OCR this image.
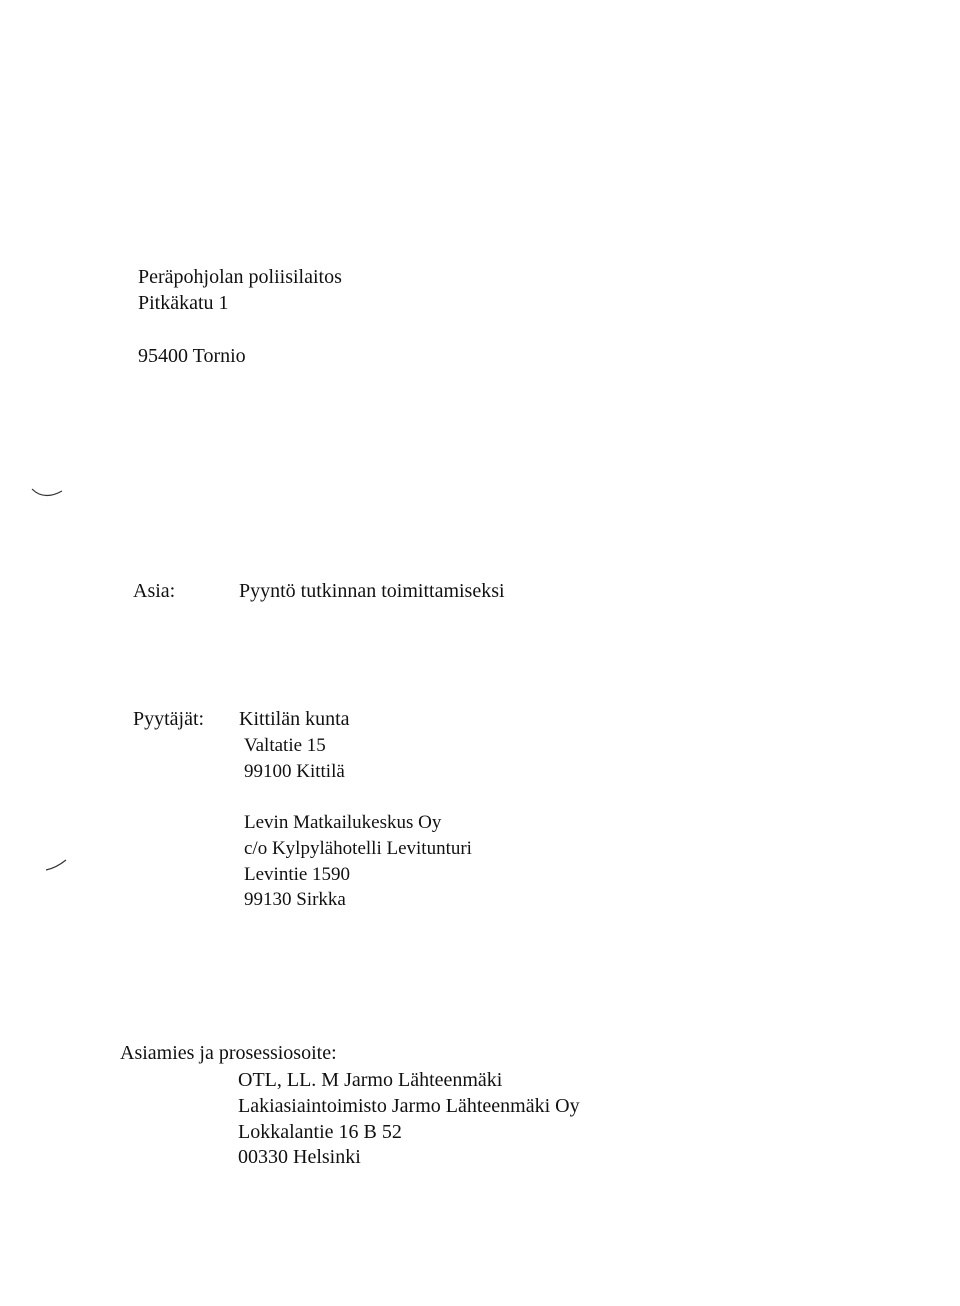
Peräpohjolan poliisilaitos
Pitkäkatu 1
95400 Tornio
Asia:	Pyyntö tutkinnan toimittamiseksi
Pyytäjät: Kittilän kunta
Valtatie 15
99100 Kittilä
Levin Matkailukeskus Oy
c/o Kylpylähotelli Levitunturi
Levintie 1590
99130 Sirkka
Asiamies ja prosessiosoite:
OTL, LL. M Jarmo Lähteenmäki
Lakiasiaintoimisto Jarmo Lähteenmäki Oy
Lokkalantie 16 B 52
00330 Helsinki
